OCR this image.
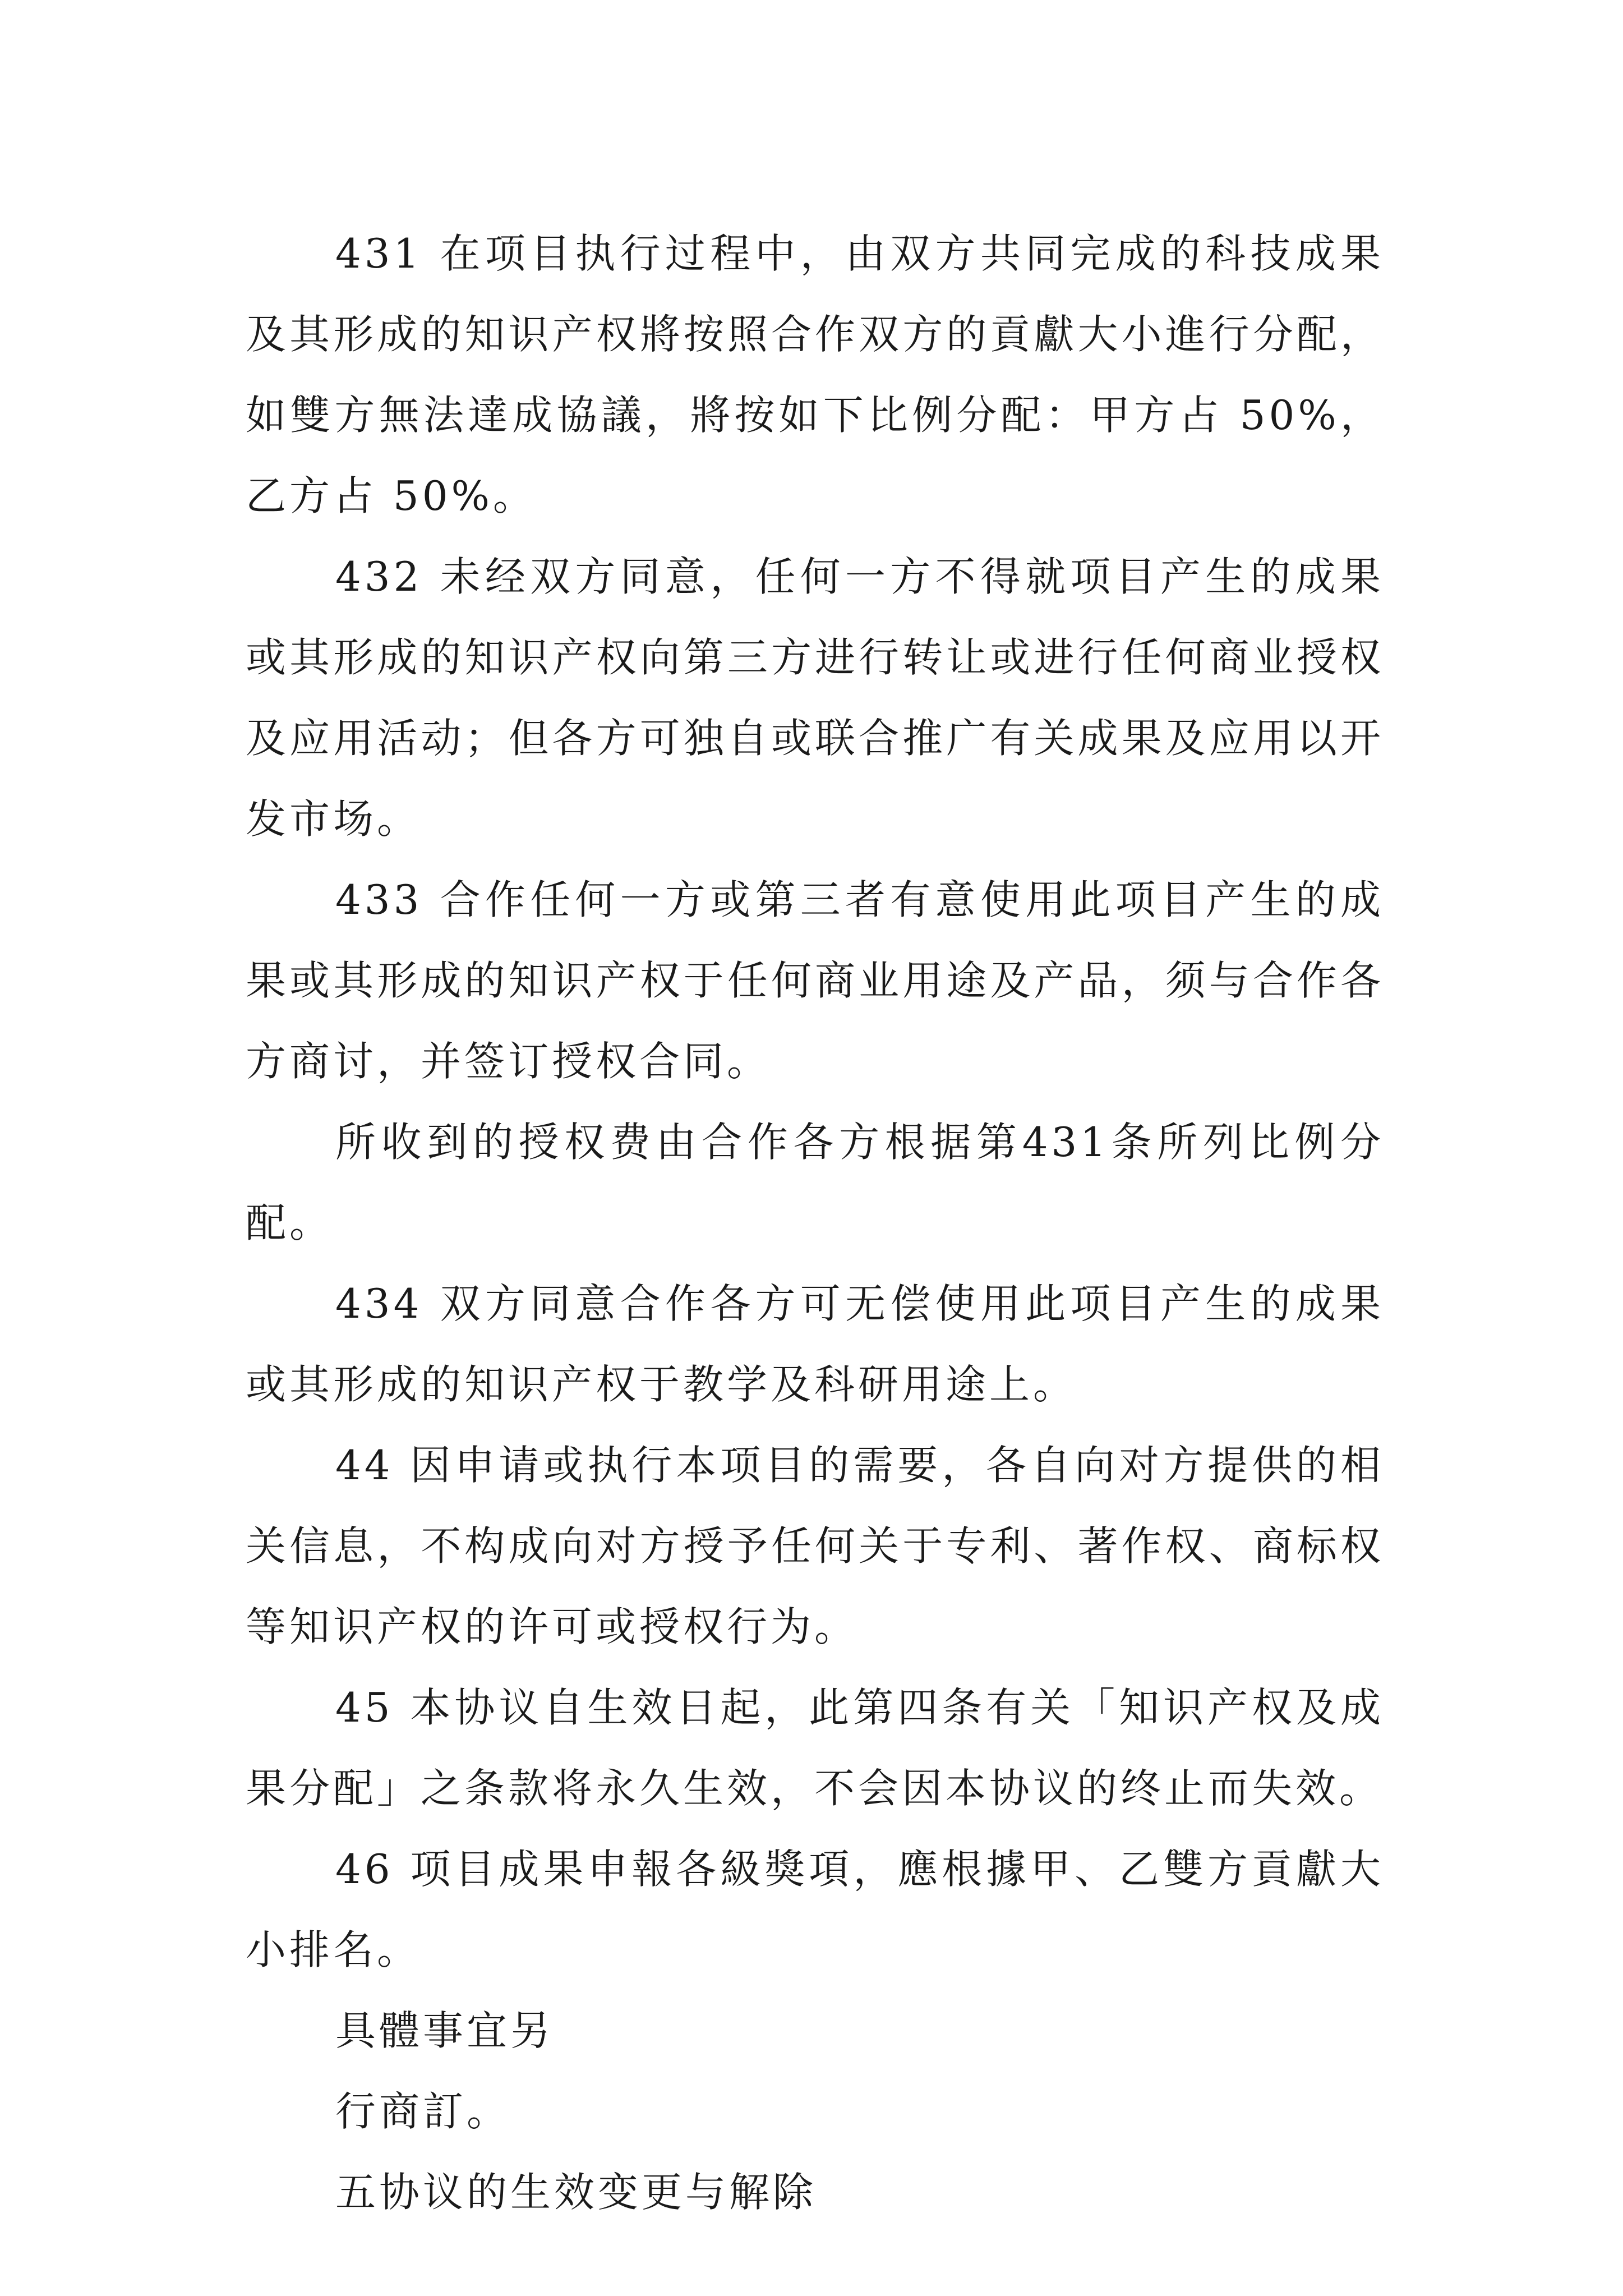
431 在项目执行过程中，由双方共同完成的科技成果及其形成的知识产权將按照合作双方的貢獻大小進行分配，如雙方無法達成協議，將按如下比例分配：甲方占 50%，乙方占 50%。

432 未经双方同意，任何一方不得就项目产生的成果或其形成的知识产权向第三方进行转让或进行任何商业授权及应用活动；但各方可独自或联合推广有关成果及应用以开发市场。

433 合作任何一方或第三者有意使用此项目产生的成果或其形成的知识产权于任何商业用途及产品，须与合作各方商讨，并签订授权合同。

所收到的授权费由合作各方根据第431条所列比例分配。

434 双方同意合作各方可无偿使用此项目产生的成果或其形成的知识产权于教学及科研用途上。

44 因申请或执行本项目的需要，各自向对方提供的相关信息，不构成向对方授予任何关于专利、著作权、商标权等知识产权的许可或授权行为。

45 本协议自生效日起，此第四条有关「知识产权及成果分配」之条款将永久生效，不会因本协议的终止而失效。

46 项目成果申報各級獎項，應根據甲、乙雙方貢獻大小排名。

具體事宜另
行商訂。
五协议的生效变更与解除
